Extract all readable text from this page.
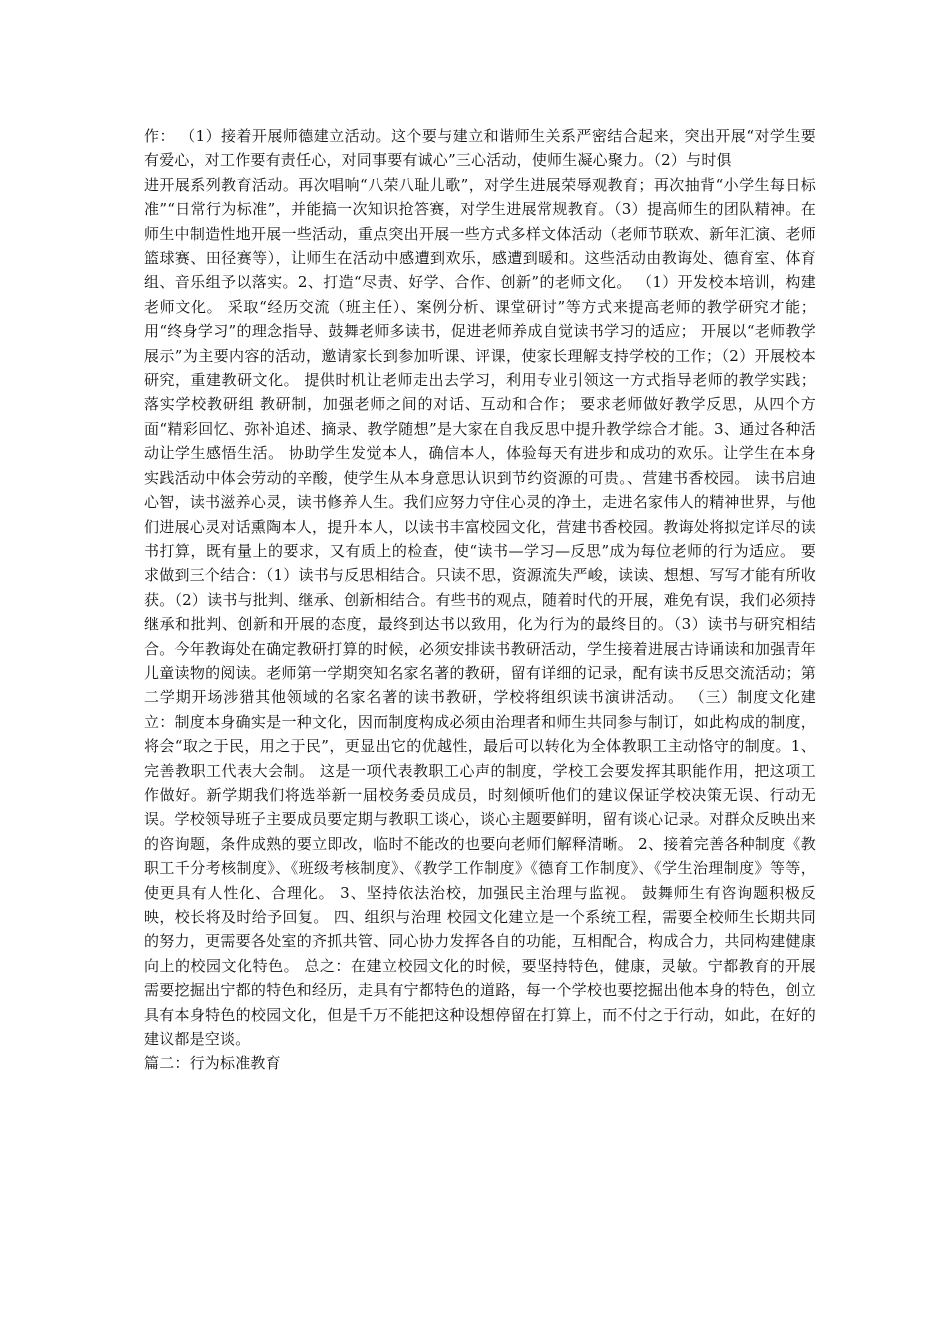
作： （1）接着开展师德建立活动。这个要与建立和谐师生关系严密结合起来，突出开展“对学生要有爱心，对工作要有责任心，对同事要有诚心”三心活动，使师生凝心聚力。（2）与时俱

进开展系列教育活动。再次唱响“八荣八耻儿歌”，对学生进展荣辱观教育；再次抽背“小学生每日标准”“日常行为标准”，并能搞一次知识抢答赛，对学生进展常规教育。（3）提高师生的团队精神。在师生中制造性地开展一些活动，重点突出开展一些方式多样文体活动（老师节联欢、新年汇演、老师篮球赛、田径赛等），让师生在活动中感遭到欢乐，感遭到暖和。这些活动由教诲处、德育室、体育组、音乐组予以落实。2、打造“尽责、好学、合作、创新”的老师文化。 （1）开发校本培训，构建老师文化。 采取“经历交流（班主任）、案例分析、课堂研讨”等方式来提高老师的教学研究才能；用“终身学习”的理念指导、鼓舞老师多读书，促进老师养成自觉读书学习的适应； 开展以“老师教学展示”为主要内容的活动，邀请家长到参加听课、评课，使家长理解支持学校的工作；（2）开展校本研究，重建教研文化。 提供时机让老师走出去学习，利用专业引领这一方式指导老师的教学实践；落实学校教研组 教研制，加强老师之间的对话、互动和合作； 要求老师做好教学反思，从四个方面“精彩回忆、弥补追述、摘录、教学随想”是大家在自我反思中提升教学综合才能。3、通过各种活动让学生感悟生活。 协助学生发觉本人，确信本人，体验每天有进步和成功的欢乐。让学生在本身实践活动中体会劳动的辛酸，使学生从本身意思认识到节约资源的可贵。、营建书香校园。 读书启迪心智，读书滋养心灵，读书修养人生。我们应努力守住心灵的净土，走进名家伟人的精神世界，与他们进展心灵对话熏陶本人，提升本人，以读书丰富校园文化，营建书香校园。教诲处将拟定详尽的读书打算，既有量上的要求，又有质上的检查，使“读书—学习—反思”成为每位老师的行为适应。 要求做到三个结合：（1）读书与反思相结合。只读不思，资源流失严峻，读读、想想、写写才能有所收获。（2）读书与批判、继承、创新相结合。有些书的观点，随着时代的开展，难免有误，我们必须持继承和批判、创新和开展的态度，最终到达书以致用，化为行为的最终目的。（3）读书与研究相结合。今年教诲处在确定教研打算的时候，必须安排读书教研活动，学生接着进展古诗诵读和加强青年儿童读物的阅读。老师第一学期突知名家名著的教研，留有详细的记录，配有读书反思交流活动；第二学期开场涉猎其他领域的名家名著的读书教研，学校将组织读书演讲活动。 （三）制度文化建立：制度本身确实是一种文化，因而制度构成必须由治理者和师生共同参与制订，如此构成的制度，将会“取之于民，用之于民”，更显出它的优越性，最后可以转化为全体教职工主动恪守的制度。1、完善教职工代表大会制。 这是一项代表教职工心声的制度，学校工会要发挥其职能作用，把这项工作做好。新学期我们将选举新一届校务委员成员，时刻倾听他们的建议保证学校决策无误、行动无误。学校领导班子主要成员要定期与教职工谈心，谈心主题要鲜明，留有谈心记录。对群众反映出来的咨询题，条件成熟的要立即改，临时不能改的也要向老师们解释清晰。 2、接着完善各种制度《教职工千分考核制度》、《班级考核制度》、《教学工作制度》《德育工作制度》、《学生治理制度》等等，使更具有人性化、合理化。 3、坚持依法治校，加强民主治理与监视。 鼓舞师生有咨询题积极反映，校长将及时给予回复。 四、组织与治理 校园文化建立是一个系统工程，需要全校师生长期共同的努力，更需要各处室的齐抓共管、同心协力发挥各自的功能，互相配合，构成合力，共同构建健康向上的校园文化特色。 总之：在建立校园文化的时候，要坚持特色，健康，灵敏。宁都教育的开展需要挖掘出宁都的特色和经历，走具有宁都特色的道路，每一个学校也要挖掘出他本身的特色，创立具有本身特色的校园文化，但是千万不能把这种设想停留在打算上，而不付之于行动，如此，在好的建议都是空谈。

篇二：行为标准教育
